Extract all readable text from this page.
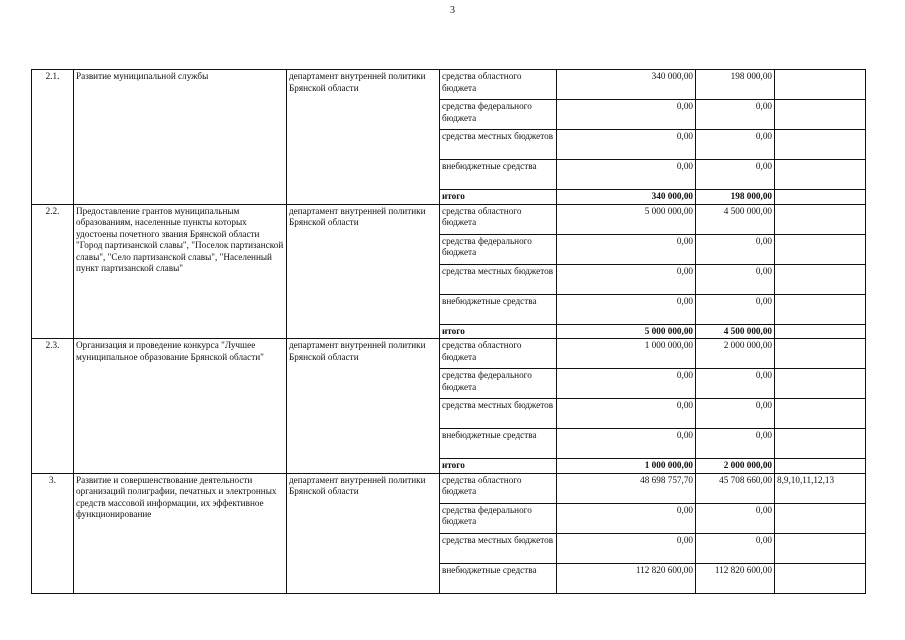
3
2.1.	Развитие муниципальной службы	департамент внутренней политики Брянской области	средства областного бюджета	340 000,00	198 000,00	
			средства федерального бюджета	0,00	0,00	
			средства местных бюджетов	0,00	0,00	
			внебюджетные средства	0,00	0,00	
			итого	340 000,00	198 000,00	
2.2.	Предоставление грантов муниципальным образованиям, населенные пункты которых удостоены почетного звания Брянской области "Город партизанской славы", "Поселок партизанской славы", "Село партизанской славы", "Населенный пункт партизанской славы"	департамент внутренней политики Брянской области	средства областного бюджета	5 000 000,00	4 500 000,00	
			средства федерального бюджета	0,00	0,00	
			средства местных бюджетов	0,00	0,00	
			внебюджетные средства	0,00	0,00	
			итого	5 000 000,00	4 500 000,00	
2.3.	Организация и проведение конкурса "Лучшее муниципальное образование Брянской области"	департамент внутренней политики Брянской области	средства областного бюджета	1 000 000,00	2 000 000,00	
			средства федерального бюджета	0,00	0,00	
			средства местных бюджетов	0,00	0,00	
			внебюджетные средства	0,00	0,00	
			итого	1 000 000,00	2 000 000,00	
3.	Развитие и совершенствование деятельности организаций полиграфии, печатных и электронных средств массовой информации, их эффективное функционирование	департамент внутренней политики Брянской области	средства областного бюджета	48 698 757,70	45 708 660,00	8,9,10,11,12,13
			средства федерального бюджета	0,00	0,00	
			средства местных бюджетов	0,00	0,00	
			внебюджетные средства	112 820 600,00	112 820 600,00	
